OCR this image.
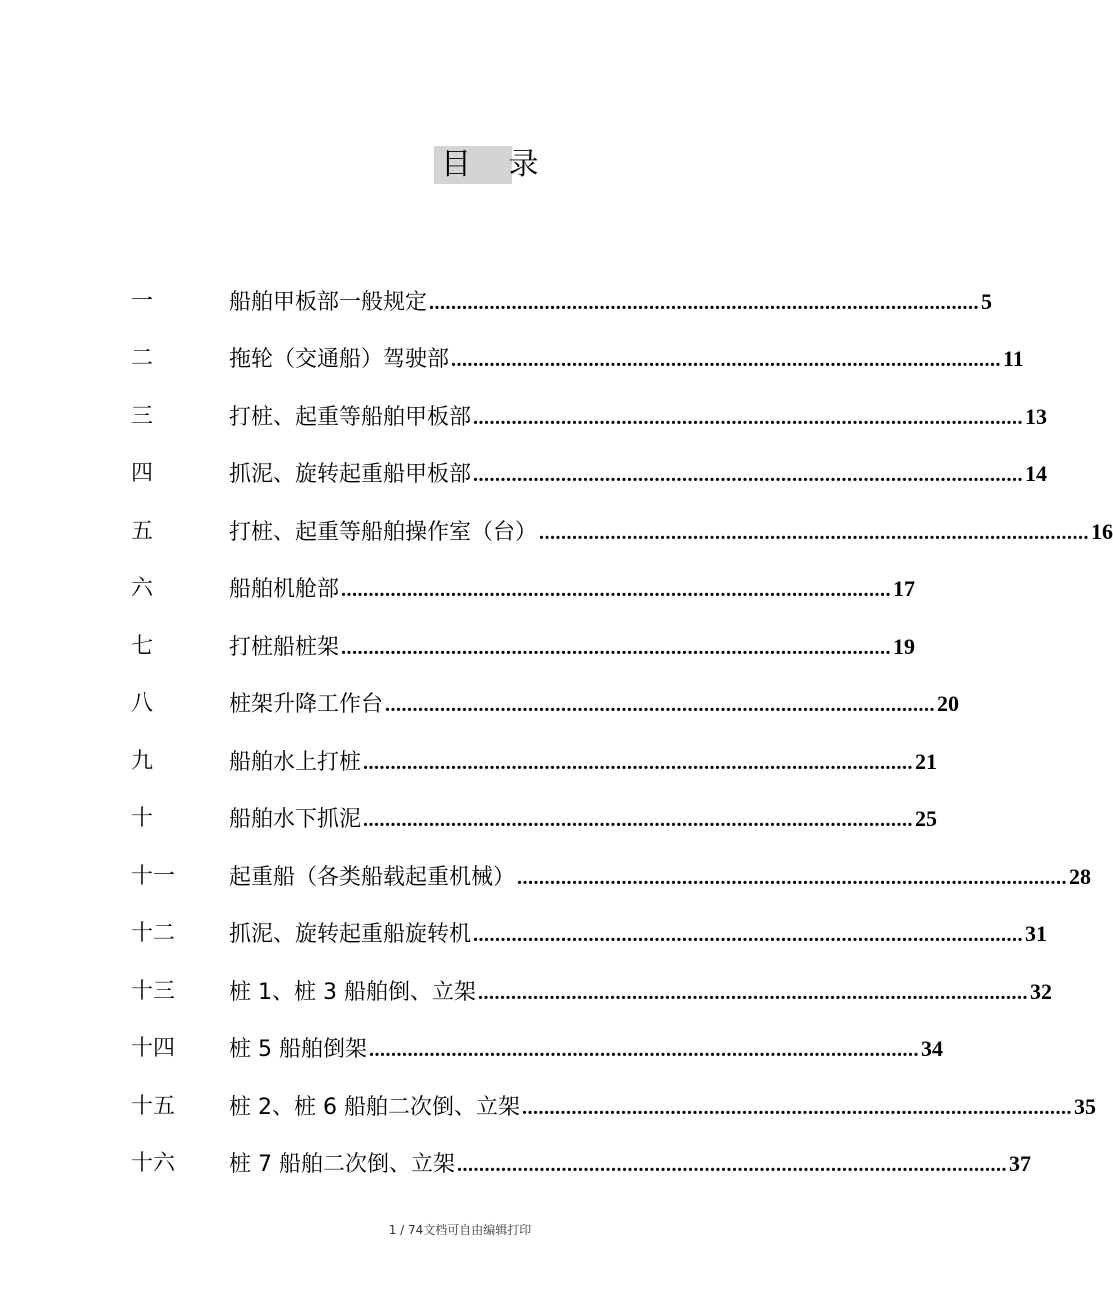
目 录
一	船舶甲板部一般规定 .................................................................................................... 5
二	拖轮（交通船）驾驶部 .................................................................................................... 11
三	打桩、起重等船舶甲板部 .................................................................................................... 13
四	抓泥、旋转起重船甲板部 .................................................................................................... 14
五	打桩、起重等船舶操作室（台） .................................................................................................... 16
六	船舶机舱部 .................................................................................................... 17
七	打桩船桩架 .................................................................................................... 19
八	桩架升降工作台 .................................................................................................... 20
九	船舶水上打桩 .................................................................................................... 21
十	船舶水下抓泥 .................................................................................................... 25
十一 起重船（各类船载起重机械） .................................................................................................... 28
十二 抓泥、旋转起重船旋转机 .................................................................................................... 31
十三 桩 1、桩 3 船舶倒、立架 .................................................................................................... 32
十四 桩 5 船舶倒架 .................................................................................................... 34
十五 桩 2、桩 6 船舶二次倒、立架 .................................................................................................... 35
十六 桩 7 船舶二次倒、立架 .................................................................................................... 37
1 / 74文档可自由编辑打印
